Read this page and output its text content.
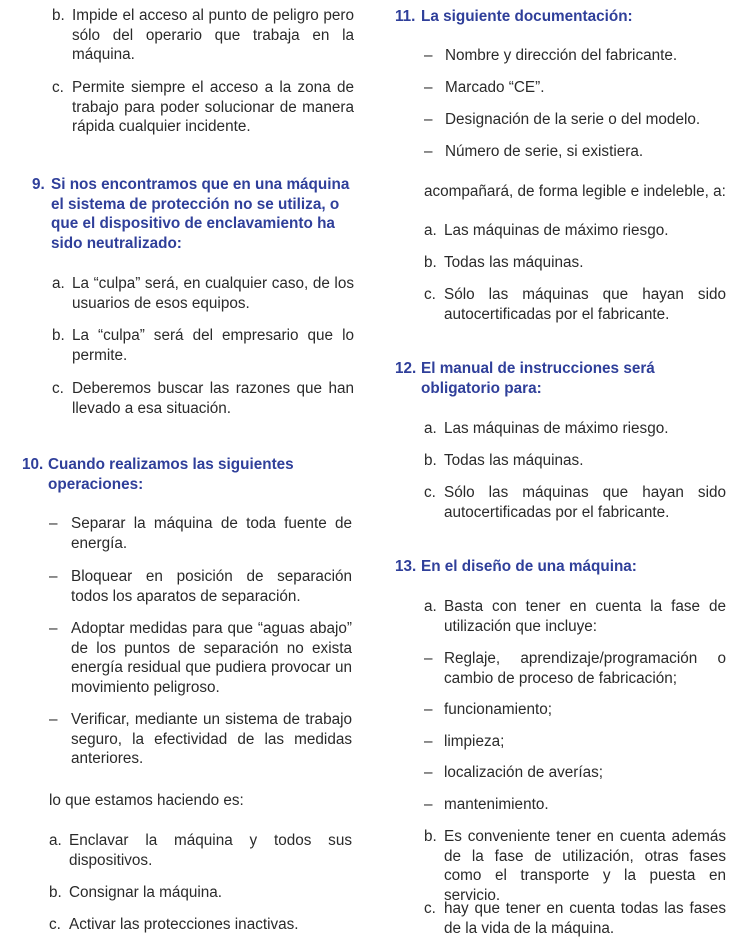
b. Impide el acceso al punto de peligro pero sólo del operario que trabaja en la máquina.
c. Permite siempre el acceso a la zona de trabajo para poder solucionar de manera rápida cualquier incidente.
9. Si nos encontramos que en una máquina el sistema de protección no se utiliza, o que el dispositivo de enclavamiento ha sido neutralizado:
a. La “culpa” será, en cualquier caso, de los usuarios de esos equipos.
b. La “culpa” será del empresario que lo permite.
c. Deberemos buscar las razones que han llevado a esa situación.
10. Cuando realizamos las siguientes operaciones:
– Separar la máquina de toda fuente de energía.
– Bloquear en posición de separación todos los aparatos de separación.
– Adoptar medidas para que “aguas abajo” de los puntos de separación no exista energía residual que pudiera provocar un movimiento peligroso.
– Verificar, mediante un sistema de trabajo seguro, la efectividad de las medidas anteriores.
lo que estamos haciendo es:
a. Enclavar la máquina y todos sus dispositivos.
b. Consignar la máquina.
c. Activar las protecciones inactivas.
11. La siguiente documentación:
– Nombre y dirección del fabricante.
– Marcado “CE”.
– Designación de la serie o del modelo.
– Número de serie, si existiera.
acompañará, de forma legible e indeleble, a:
a. Las máquinas de máximo riesgo.
b. Todas las máquinas.
c. Sólo las máquinas que hayan sido autocertificadas por el fabricante.
12. El manual de instrucciones será obligatorio para:
a. Las máquinas de máximo riesgo.
b. Todas las máquinas.
c. Sólo las máquinas que hayan sido autocertificadas por el fabricante.
13. En el diseño de una máquina:
a. Basta con tener en cuenta la fase de utilización que incluye:
– Reglaje, aprendizaje/programación o cambio de proceso de fabricación;
– funcionamiento;
– limpieza;
– localización de averías;
– mantenimiento.
b. Es conveniente tener en cuenta además de la fase de utilización, otras fases como el transporte y la puesta en servicio.
c. hay que tener en cuenta todas las fases de la vida de la máquina.
